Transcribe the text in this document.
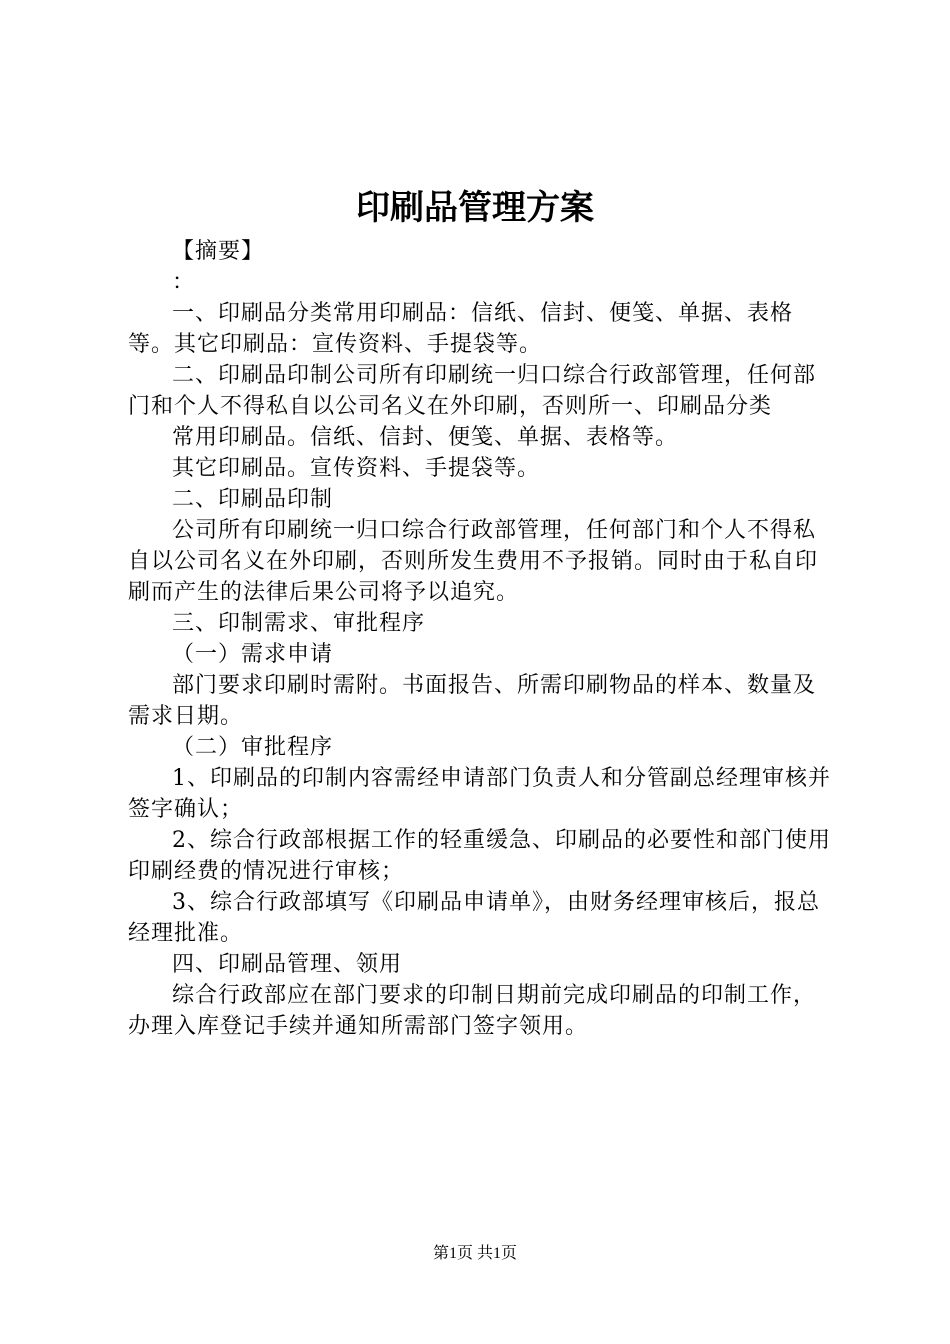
印刷品管理方案

【摘要】

：

一、印刷品分类常用印刷品：信纸、信封、便笺、单据、表格等。其它印刷品：宣传资料、手提袋等。

二、印刷品印制公司所有印刷统一归口综合行政部管理，任何部门和个人不得私自以公司名义在外印刷，否则所一、印刷品分类

常用印刷品。信纸、信封、便笺、单据、表格等。

其它印刷品。宣传资料、手提袋等。

二、印刷品印制

公司所有印刷统一归口综合行政部管理，任何部门和个人不得私自以公司名义在外印刷，否则所发生费用不予报销。同时由于私自印刷而产生的法律后果公司将予以追究。

三、印制需求、审批程序

（一）需求申请

部门要求印刷时需附。书面报告、所需印刷物品的样本、数量及需求日期。

（二）审批程序

1、印刷品的印制内容需经申请部门负责人和分管副总经理审核并签字确认；

2、综合行政部根据工作的轻重缓急、印刷品的必要性和部门使用印刷经费的情况进行审核；

3、综合行政部填写《印刷品申请单》，由财务经理审核后，报总经理批准。

四、印刷品管理、领用

综合行政部应在部门要求的印制日期前完成印刷品的印制工作，办理入库登记手续并通知所需部门签字领用。

第1页 共1页
